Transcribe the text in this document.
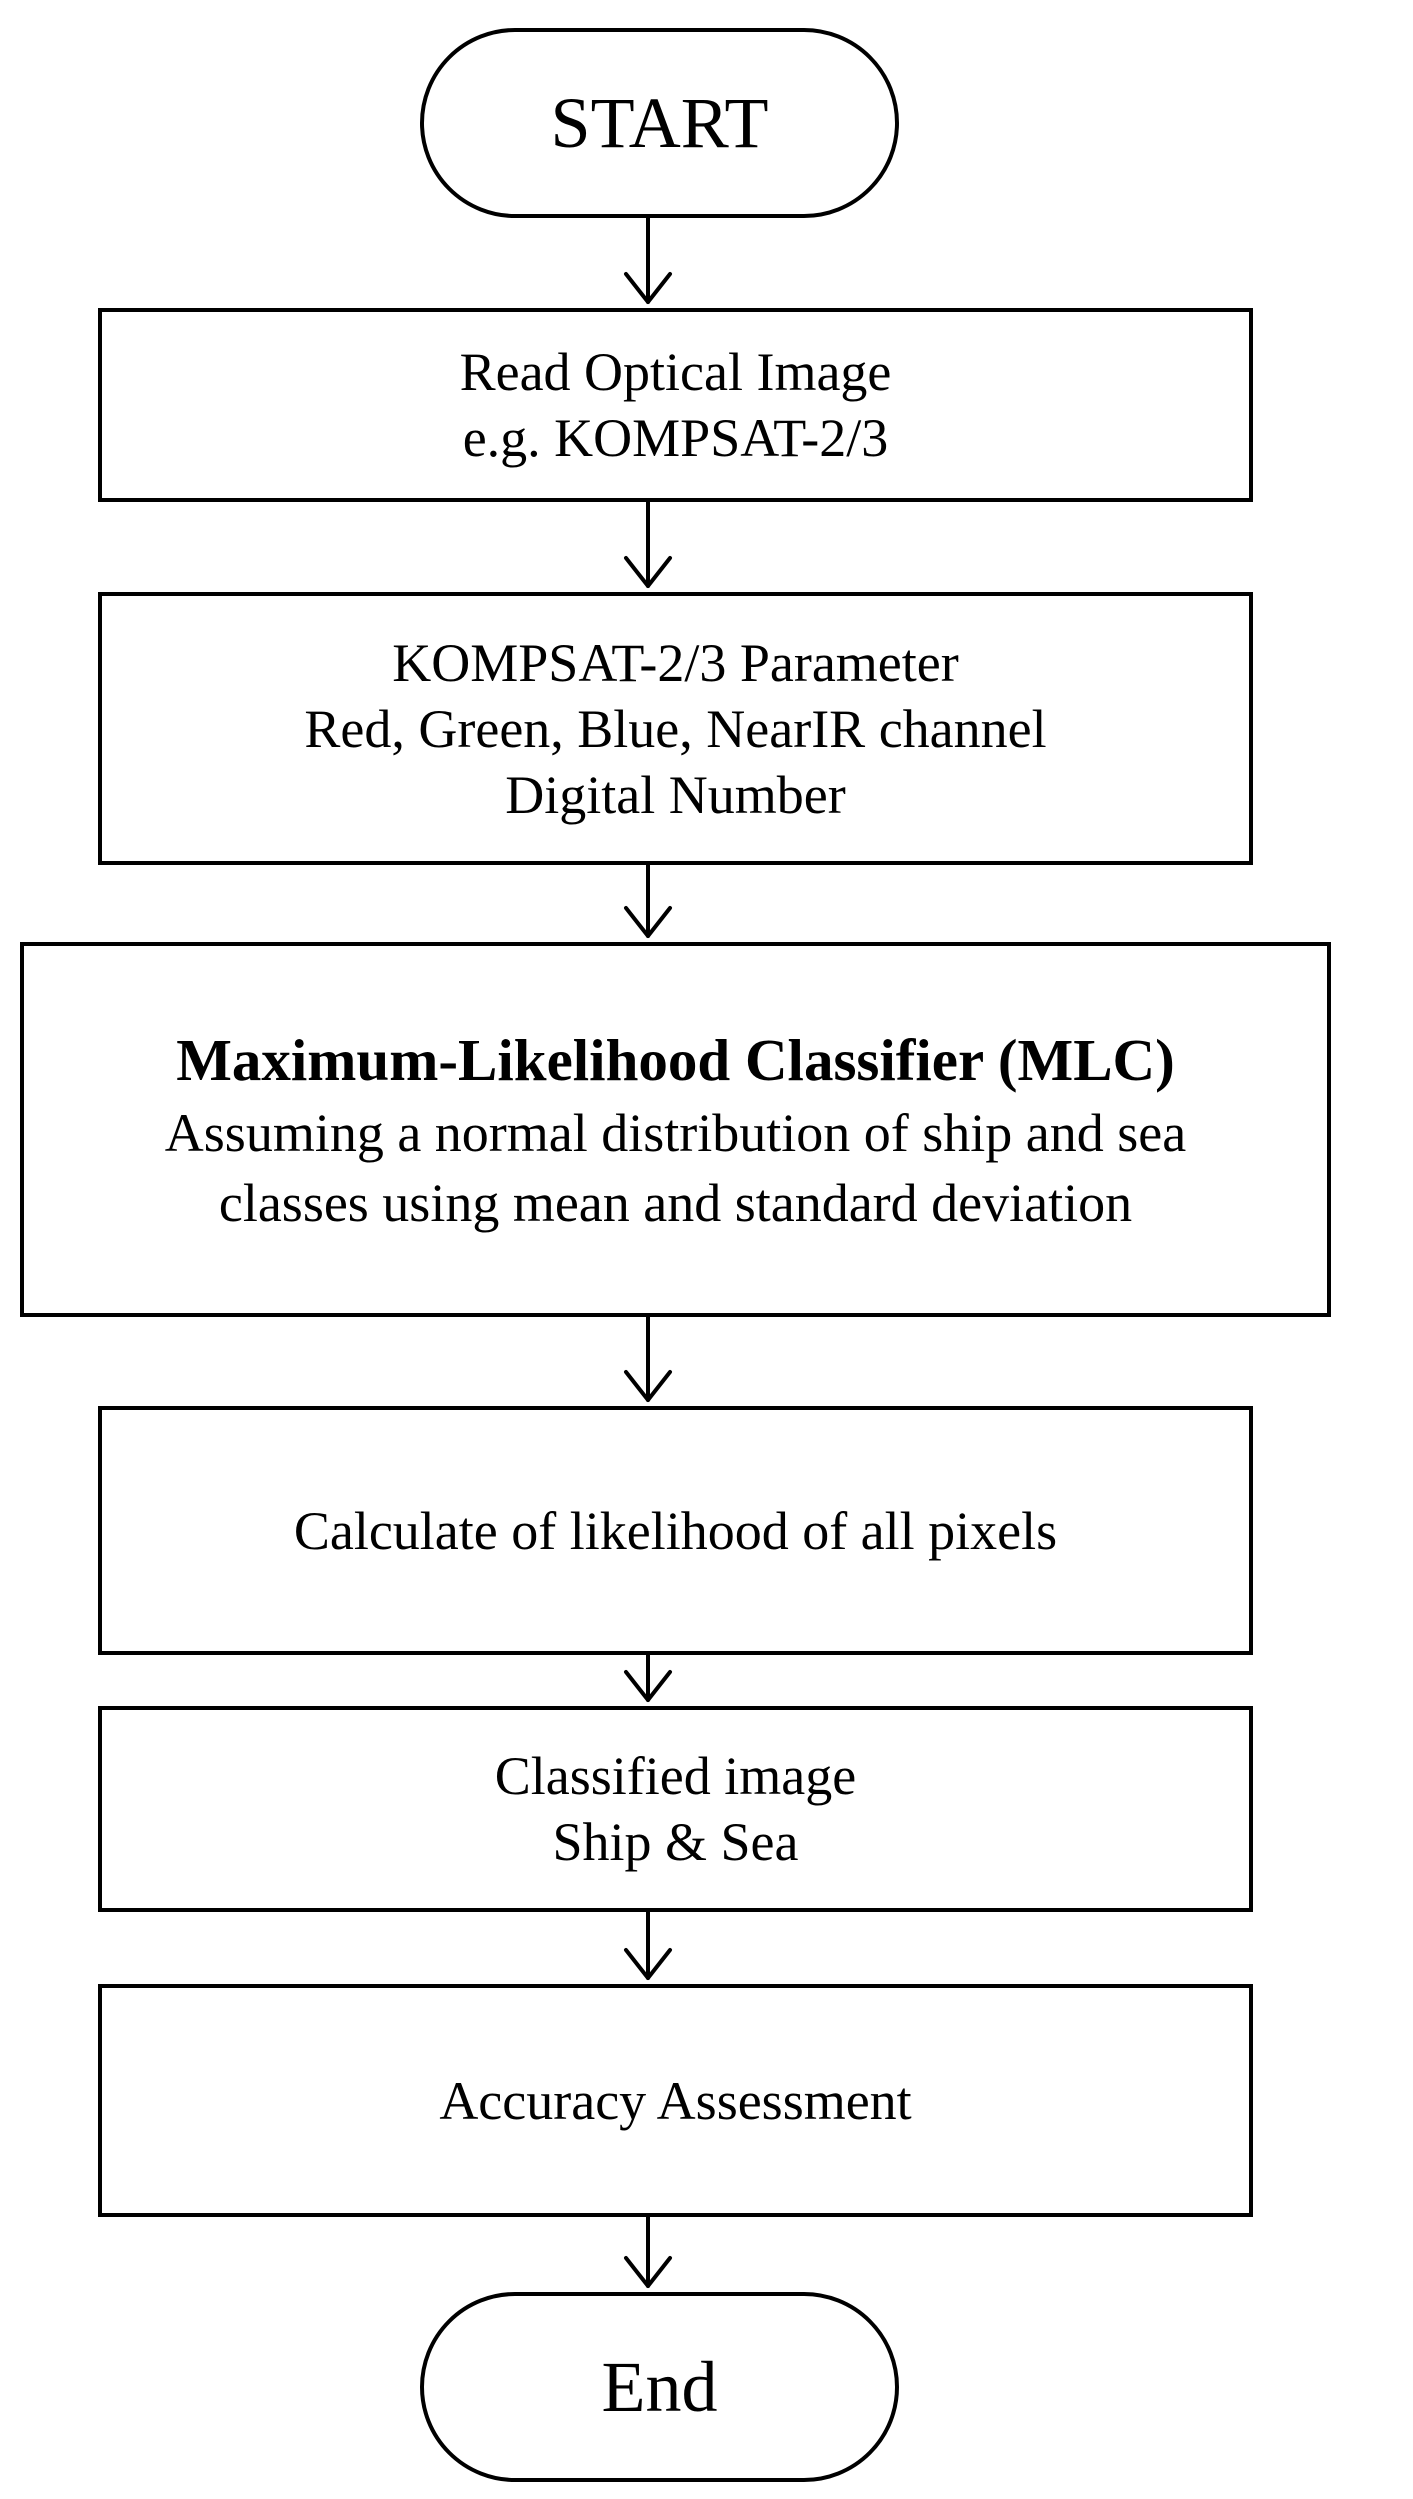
START
Read Optical Image
e.g. KOMPSAT-2/3
KOMPSAT-2/3 Parameter
Red, Green, Blue, NearIR channel
Digital Number
Maximum-Likelihood Classifier (MLC)
Assuming a normal distribution of ship and sea
classes using mean and standard deviation
Calculate of likelihood of all pixels
Classified image
Ship & Sea
Accuracy Assessment
End
